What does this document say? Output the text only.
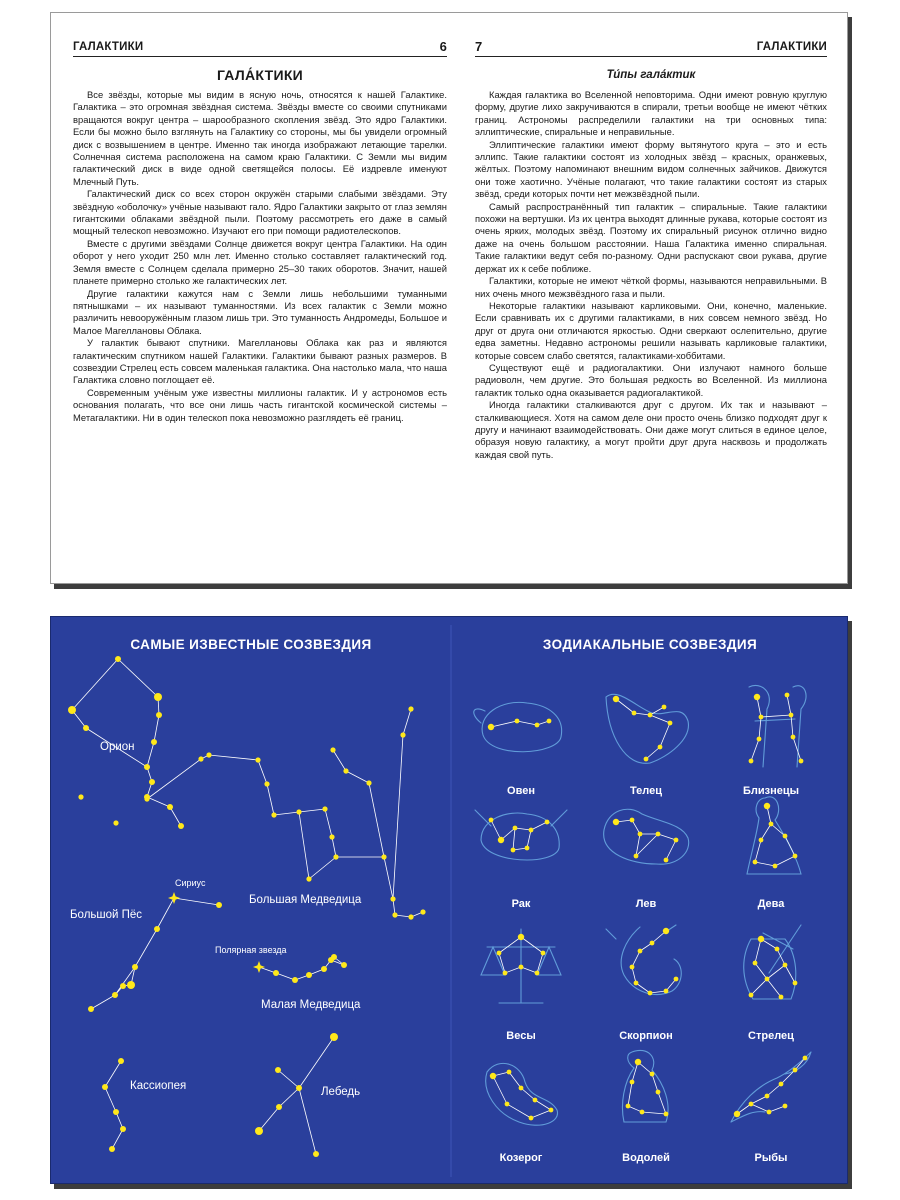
ГАЛАКТИКИ	6
ГАЛА́КТИКИ

Все звёзды, которые мы видим в ясную ночь, относятся к нашей Галактике. Галактика – это огромная звёздная система. Звёзды вместе со своими спутниками вращаются вокруг центра – шарообразного скопления звёзд. Это ядро Галактики. Если бы можно было взглянуть на Галактику со стороны, мы бы увидели огромный диск с возвышением в центре. Именно так иногда изображают летающие тарелки. Солнечная система расположена на самом краю Галактики. С Земли мы видим галактический диск в виде одной светящейся полосы. Её издревле именуют Млечный Путь.

Галактический диск со всех сторон окружён старыми слабыми звёздами. Эту звёздную «оболочку» учёные называют гало. Ядро Галактики закрыто от глаз землян гигантскими облаками звёздной пыли. Поэтому рассмотреть его даже в самый мощный телескоп невозможно. Изучают его при помощи радиотелескопов.

Вместе с другими звёздами Солнце движется вокруг центра Галактики. На один оборот у него уходит 250 млн лет. Именно столько составляет галактический год. Земля вместе с Солнцем сделала примерно 25–30 таких оборотов. Значит, нашей планете примерно столько же галактических лет.

Другие галактики кажутся нам с Земли лишь небольшими туманными пятнышками – их называют туманностями. Из всех галактик с Земли можно различить невооружённым глазом лишь три. Это туманность Андромеды, Большое и Малое Магеллановы Облака.

У галактик бывают спутники. Магеллановы Облака как раз и являются галактическим спутником нашей Галактики. Галактики бывают разных размеров. В созвездии Стрелец есть совсем маленькая галактика. Она настолько мала, что наша Галактика словно поглощает её.

Современным учёным уже известны миллионы галактик. И у астрономов есть основания полагать, что все они лишь часть гигантской космической системы – Метагалактики. Ни в один телескоп пока невозможно разглядеть её границ.

7	ГАЛАКТИКИ
Ти́пы гала́ктик

Каждая галактика во Вселенной неповторима. Одни имеют ровную круглую форму, другие лихо закручиваются в спирали, третьи вообще не имеют чётких границ. Астрономы распределили галактики на три основных типа: эллиптические, спиральные и неправильные.

Эллиптические галактики имеют форму вытянутого круга – это и есть эллипс. Такие галактики состоят из холодных звёзд – красных, оранжевых, жёлтых. Поэтому напоминают внешним видом солнечных зайчиков. Движутся они тоже хаотично. Учёные полагают, что такие галактики состоят из старых звёзд, среди которых почти нет межзвёздной пыли.

Самый распространённый тип галактик – спиральные. Такие галактики похожи на вертушки. Из их центра выходят длинные рукава, которые состоят из очень ярких, молодых звёзд. Поэтому их спиральный рисунок отлично видно даже на очень большом расстоянии. Наша Галактика именно спиральная. Такие галактики ведут себя по-разному. Одни распускают свои рукава, другие держат их к себе поближе.

Галактики, которые не имеют чёткой формы, называются неправильными. В них очень много межзвёздного газа и пыли.

Некоторые галактики называют карликовыми. Они, конечно, маленькие. Если сравнивать их с другими галактиками, в них совсем немного звёзд. Но друг от друга они отличаются яркостью. Одни сверкают ослепительно, другие едва заметны. Недавно астрономы решили называть карликовые галактики, которые совсем слабо светятся, галактиками-хоббитами.

Существуют ещё и радиогалактики. Они излучают намного больше радиоволн, чем другие. Это большая редкость во Вселенной. Из миллиона галактик только одна оказывается радиогалактикой.

Иногда галактики сталкиваются друг с другом. Их так и называют – сталкивающиеся. Хотя на самом деле они просто очень близко подходят друг к другу и начинают взаимодействовать. Они даже могут слиться в единое целое, образуя новую галактику, а могут пройти друг друга насквозь и продолжать каждая свой путь.

САМЫЕ ИЗВЕСТНЫЕ СОЗВЕЗДИЯ	ЗОДИАКАЛЬНЫЕ СОЗВЕЗДИЯ
Орион
Сириус
Большой Пёс
Большая Медведица
Полярная звезда
Малая Медведица
Кассиопея	Лебедь
Овен	Телец	Близнецы
Рак	Лев	Дева
Весы	Скорпион	Стрелец
Козерог	Водолей	Рыбы
